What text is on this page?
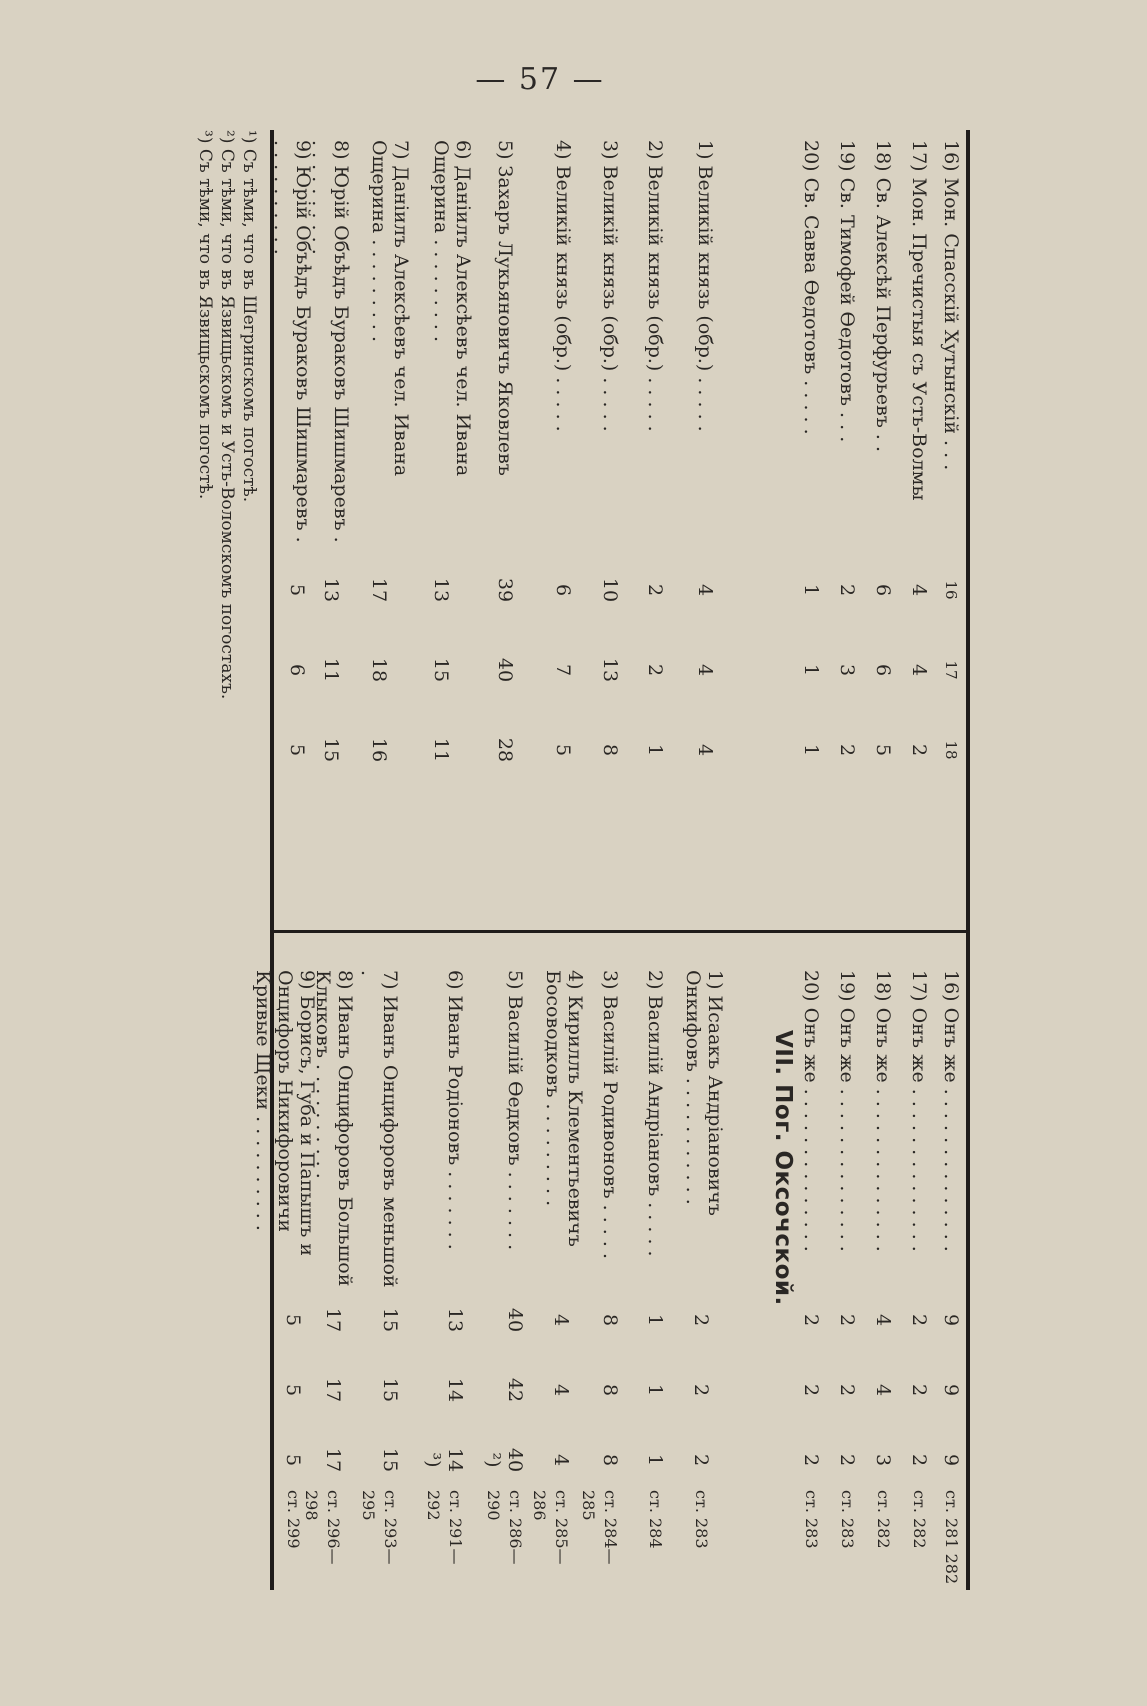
— 57 —
16) Мон. Спасскiй Хутынскiй . . .
16
17
18
17) Мон. Пречистыя съ Усть-Волмы
4
4
2
18) Св. Алексѣй Перфурьевъ . .
6
6
5
19) Св. Тимофей Өедотовъ . . .
2
3
2
20) Св. Савва Өедотовъ . . . . .
1
1
1
1) Великiй князь (обр.) . . . . .
4
4
4
2) Великiй князь (обр.) . . . . .
2
2
1
3) Великiй князь (обр.) . . . . .
10
13
8
4) Великiй князь (обр.) . . . . .
6
7
5
5) Захаръ Лукьяновичъ Яковлевъ
39
40
28
6) Данiилъ Алексѣевъ чел. Ивана Ощерина . . . . . . . . .
13
15
11
7) Данiилъ Алексѣевъ чел. Ивана Ощерина . . . . . . . . .
17
18
16
8) Юрiй Объѣдъ Бураковъ Шишмаревъ . . . . . . . . . . .
13
11
15
9) Юрiй Объѣдъ Бураковъ Шишмаревъ . . . . . . . . . . .
5
6
5
16) Онъ же . . . . . . . . . . . . . .
9
9
9
ст. 281 282
17) Онъ же . . . . . . . . . . . . . .
2
2
2
ст. 282
18) Онъ же . . . . . . . . . . . . . .
4
4
3
ст. 282
19) Онъ же . . . . . . . . . . . . . .
2
2
2
ст. 283
20) Онъ же . . . . . . . . . . . . . .
2
2
2
ст. 283
1) Исаакъ Андрiановичъ Онкифовъ . . . . . . . . . . .
2
2
2
ст. 283
2) Василiй Андрiановъ . . . . .
1
1
1
ст. 284
3) Василiй Родивоновъ . . . . .
8
8
8
ст. 284—285
4) Кириллъ Клементьевичъ Босоводковъ . . . . . . . . .
4
4
4
ст. 285—286
5) Василiй Өедковъ . . . . . . .
40
42
40 ²)
ст. 286—290
6) Иванъ Родiоновъ . . . . . . .
13
14
14 ³)
ст. 291—292
7) Иванъ Онцифоровъ меньшой .
15
15
15
ст. 293—295
8) Иванъ Онцифоровъ Большой Клыковъ . . . . . . . . . .
17
17
17
ст. 296—298
9) Борисъ, Губа и Папышъ и Онцифоръ Никифоровичи Кривые Щеки . . . . . . . . . .
5
5
5
ст. 299
VII. Пог. Оксочской.
¹) Съ тѣми, что въ Шегринскомъ погостѣ.
²) Съ тѣми, что въ Язвищьскомъ и Усть-Воломскомъ погостахъ.
³) Съ тѣми, что въ Язвищьскомъ погостѣ.
